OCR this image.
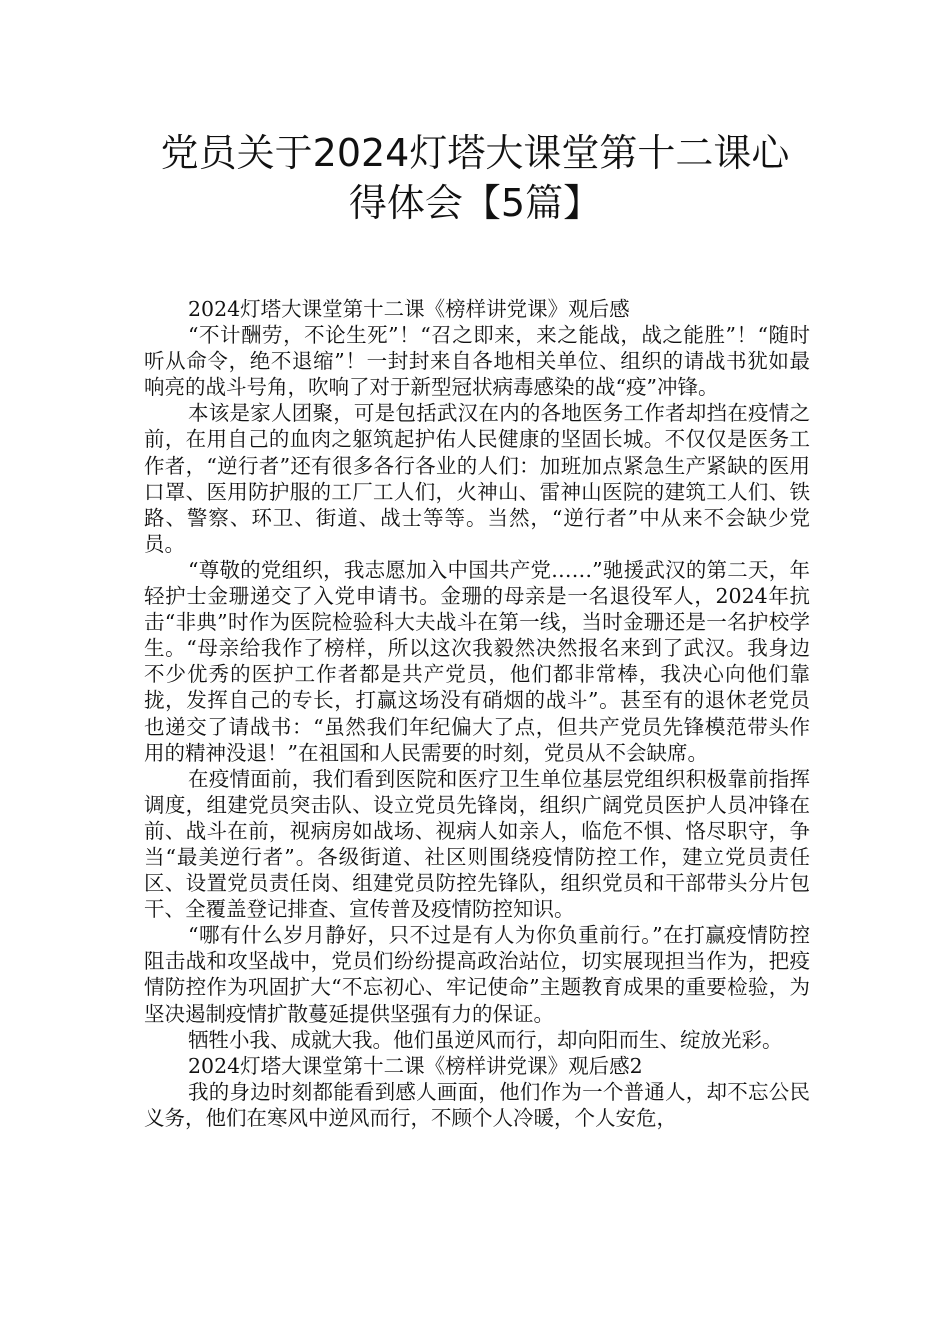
党员关于2024灯塔大课堂第十二课心
得体会【5篇】

2024灯塔大课堂第十二课《榜样讲党课》观后感

“不计酬劳，不论生死”！“召之即来，来之能战，战之能胜”！“随时听从命令，绝不退缩”！一封封来自各地相关单位、组织的请战书犹如最响亮的战斗号角，吹响了对于新型冠状病毒感染的战“疫”冲锋。

本该是家人团聚，可是包括武汉在内的各地医务工作者却挡在疫情之前，在用自己的血肉之躯筑起护佑人民健康的坚固长城。不仅仅是医务工作者，“逆行者”还有很多各行各业的人们：加班加点紧急生产紧缺的医用口罩、医用防护服的工厂工人们，火神山、雷神山医院的建筑工人们、铁路、警察、环卫、街道、战士等等。当然，“逆行者”中从来不会缺少党员。

“尊敬的党组织，我志愿加入中国共产党……”驰援武汉的第二天，年轻护士金珊递交了入党申请书。金珊的母亲是一名退役军人，2024年抗击“非典”时作为医院检验科大夫战斗在第一线，当时金珊还是一名护校学生。“母亲给我作了榜样，所以这次我毅然决然报名来到了武汉。我身边不少优秀的医护工作者都是共产党员，他们都非常棒，我决心向他们靠拢，发挥自己的专长，打赢这场没有硝烟的战斗”。甚至有的退休老党员也递交了请战书：“虽然我们年纪偏大了点，但共产党员先锋模范带头作用的精神没退！”在祖国和人民需要的时刻，党员从不会缺席。

在疫情面前，我们看到医院和医疗卫生单位基层党组织积极靠前指挥调度，组建党员突击队、设立党员先锋岗，组织广阔党员医护人员冲锋在前、战斗在前，视病房如战场、视病人如亲人，临危不惧、恪尽职守，争当“最美逆行者”。各级街道、社区则围绕疫情防控工作，建立党员责任区、设置党员责任岗、组建党员防控先锋队，组织党员和干部带头分片包干、全覆盖登记排查、宣传普及疫情防控知识。

“哪有什么岁月静好，只不过是有人为你负重前行。”在打赢疫情防控阻击战和攻坚战中，党员们纷纷提高政治站位，切实展现担当作为，把疫情防控作为巩固扩大“不忘初心、牢记使命”主题教育成果的重要检验，为坚决遏制疫情扩散蔓延提供坚强有力的保证。

牺牲小我、成就大我。他们虽逆风而行，却向阳而生、绽放光彩。

2024灯塔大课堂第十二课《榜样讲党课》观后感2

我的身边时刻都能看到感人画面，他们作为一个普通人，却不忘公民义务，他们在寒风中逆风而行，不顾个人冷暖，个人安危，
